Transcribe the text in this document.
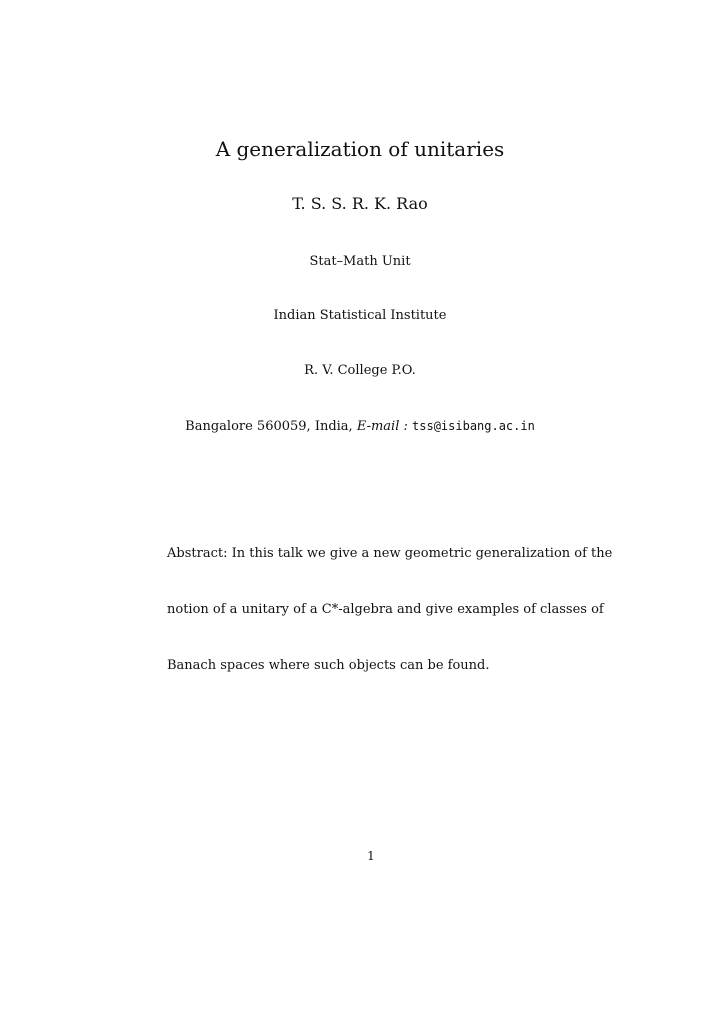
A generalization of unitaries
T. S. S. R. K. Rao
Stat–Math Unit
Indian Statistical Institute
R. V. College P.O.
Bangalore 560059, India, E-mail : tss@isibang.ac.in
Abstract: In this talk we give a new geometric generalization of the
notion of a unitary of a C*-algebra and give examples of classes of
Banach spaces where such objects can be found.
1
